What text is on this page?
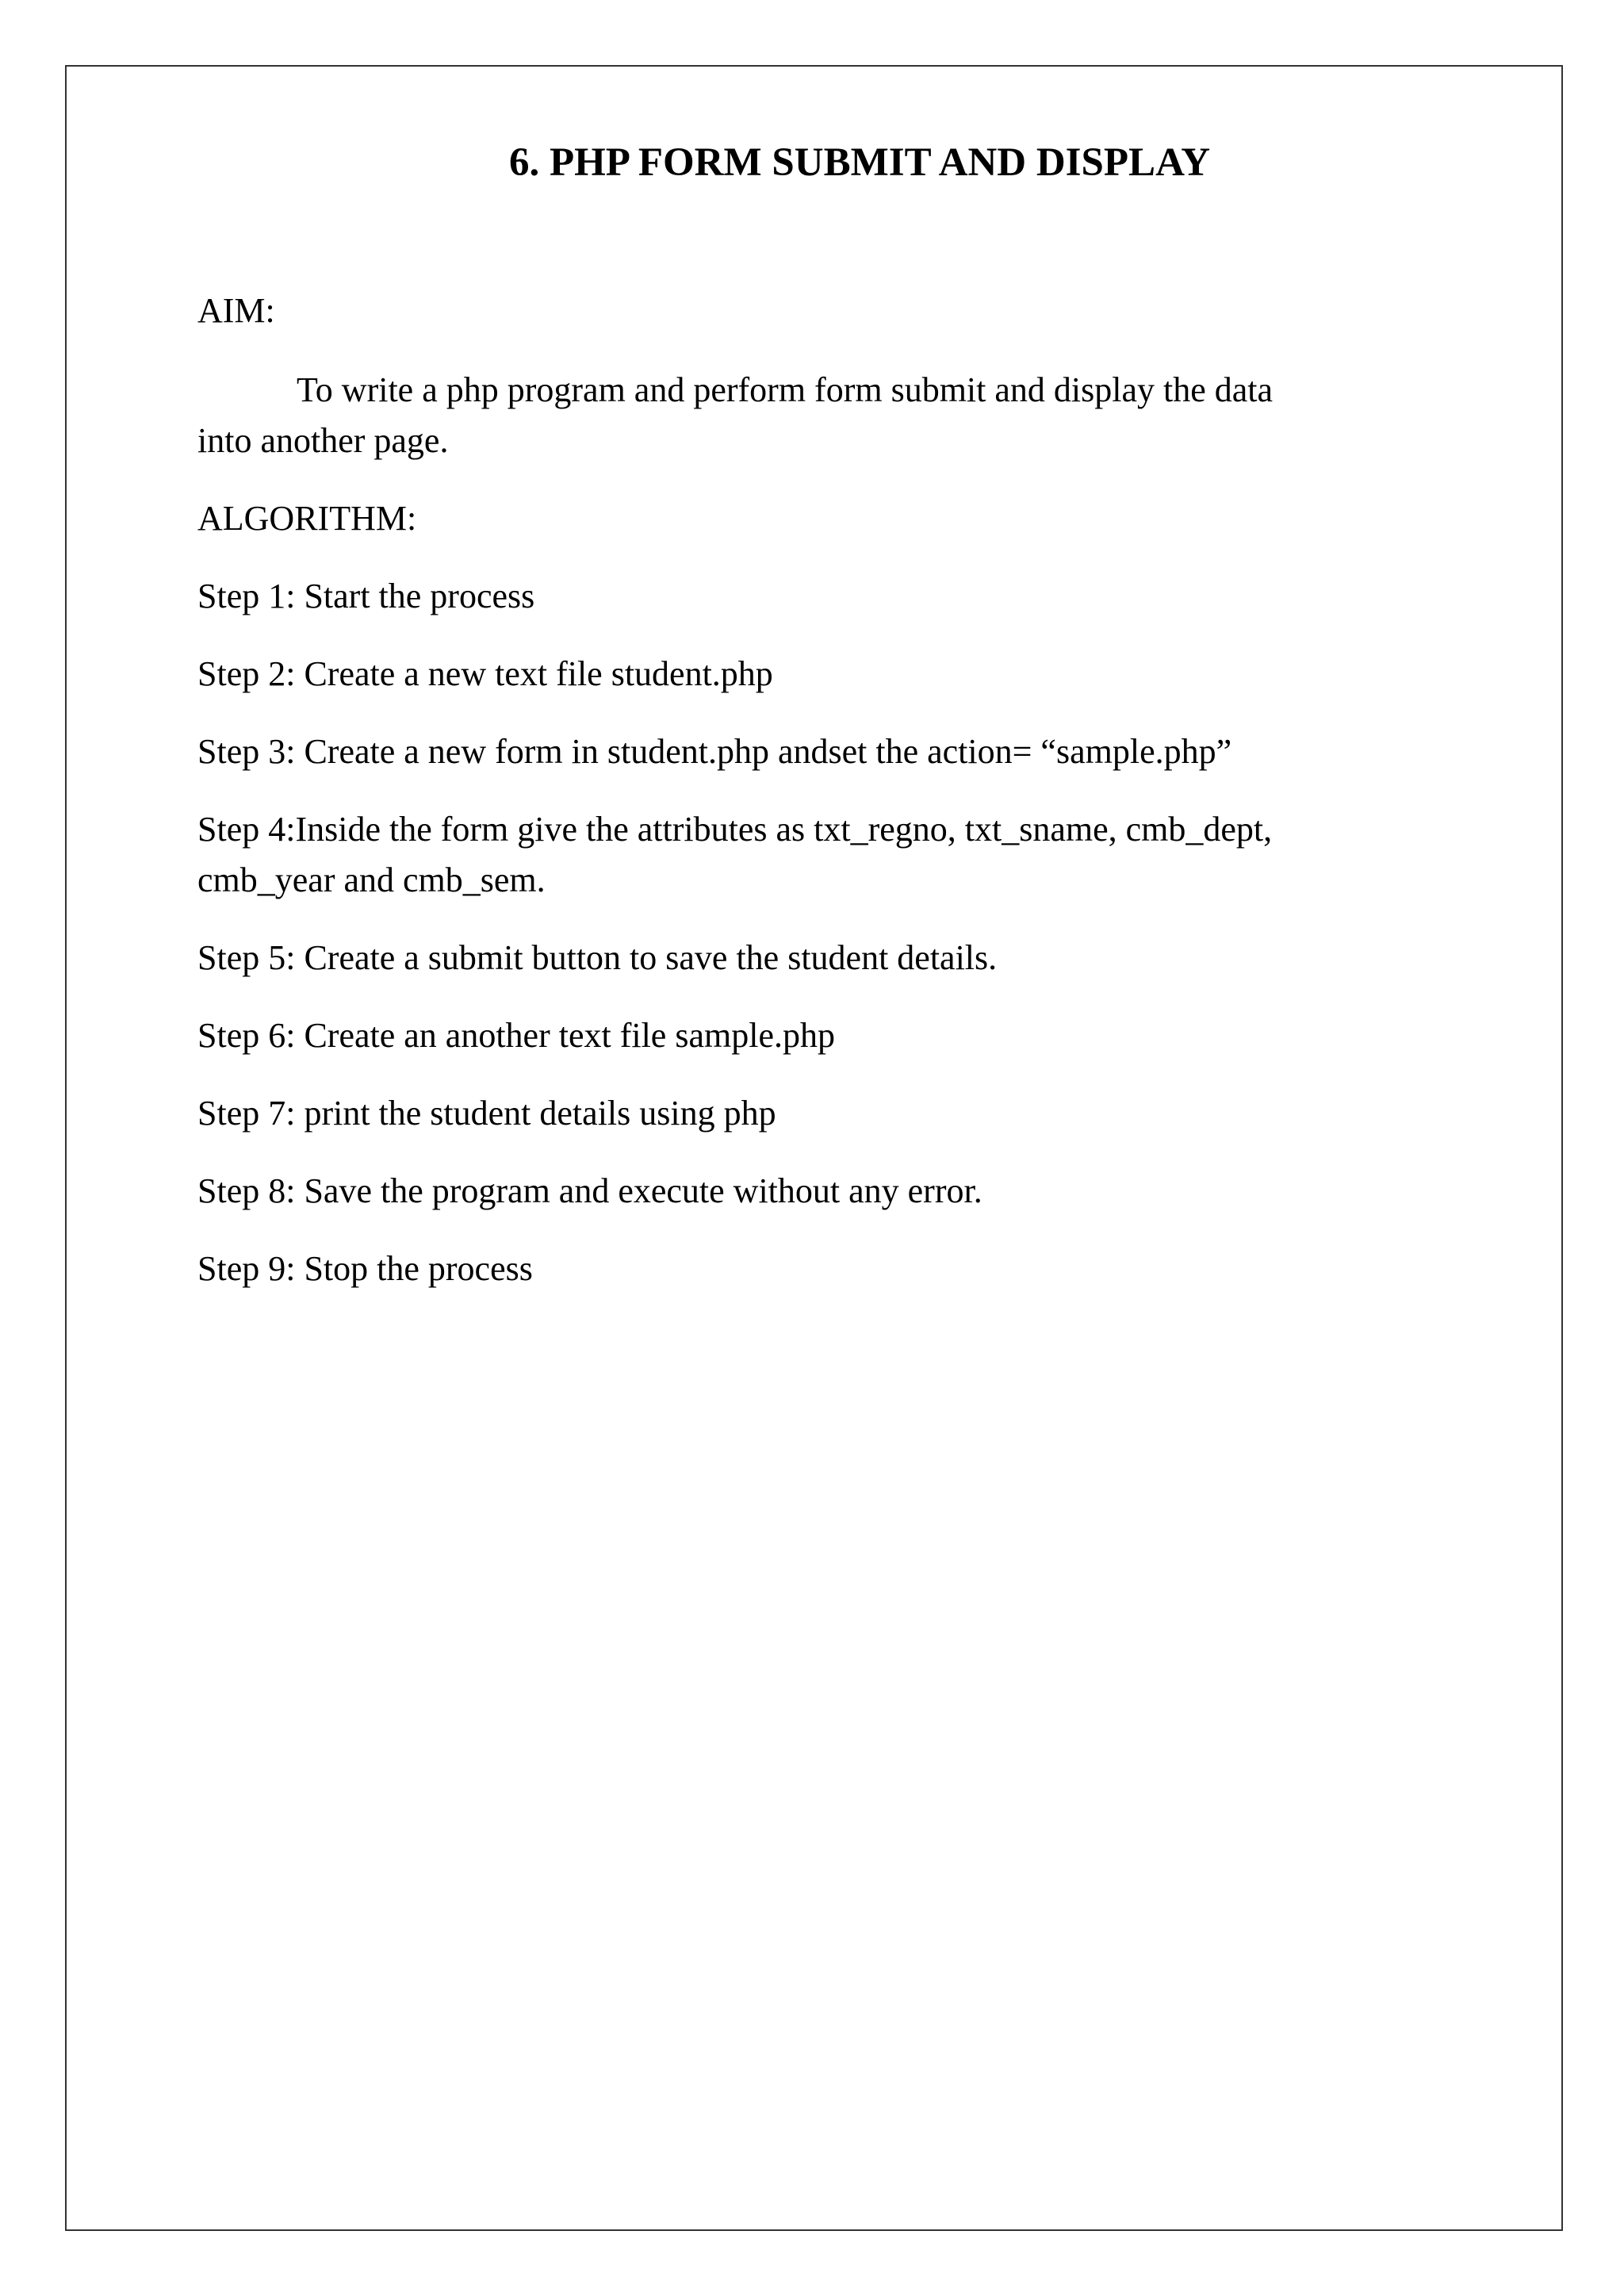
6. PHP FORM SUBMIT AND DISPLAY
AIM:
To write a php program and perform form submit and display the data
into another page.
ALGORITHM:
Step 1: Start the process
Step 2: Create a new text file student.php
Step 3: Create a new form in student.php andset the action= “sample.php”
Step 4:Inside the form give the attributes as txt_regno, txt_sname, cmb_dept,
cmb_year and cmb_sem.
Step 5: Create a submit button to save the student details.
Step 6: Create an another text file sample.php
Step 7: print the student details using php
Step 8: Save the program and execute without any error.
Step 9: Stop the process
